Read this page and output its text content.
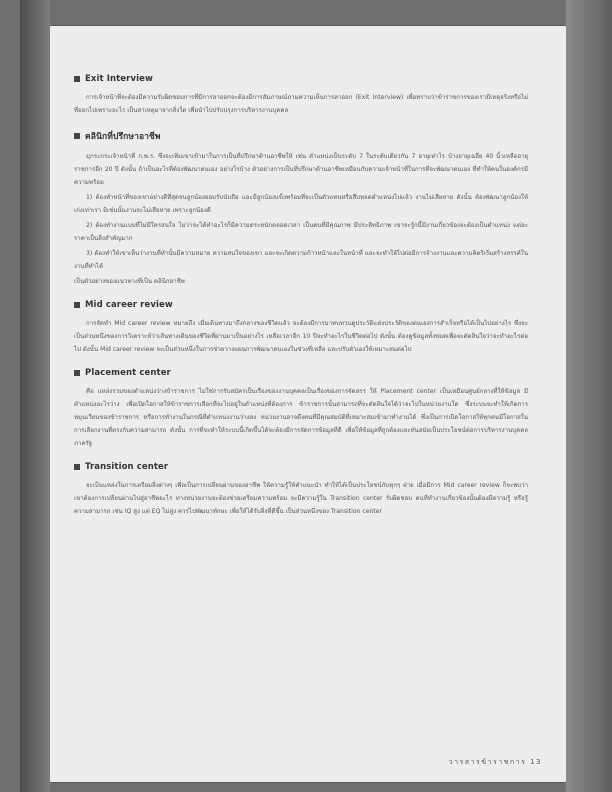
Exit Interview

การเจ้าหน้าที่จะต้องมีความรับผิดชอบการที่มีการลาออกจะต้องมีการสัมภาษณ์ถามความเห็นการลาออก (Exit Interview) เพื่อทราบว่าข้าราชการของเรามีเหตุจริงหรือไม่ ที่ออกไปเพราะอะไร เป็นสาเหตุมาจากสิ่งใด เพื่อนำไปปรับปรุงการบริหารงานบุคคล

คลินิกที่ปรึกษาอาชีพ

มุกระกระเจ้าหน้าที่ ก.พ.ร. ซึ่งจะเพิ่มเขาเข้ามาในการเป็นที่ปรึกษาด้านอาชีพให้ เช่น ตำแหน่งเป็นระดับ 7 ในระดับเดียวกัน 7 อายุเท่าไร บ้างอายุเฉลี่ย 40 นิ้วเหลืออายุราชการอีก 20 ปี ดังนั้น ถ้าเป็นอะไรที่ต้องพัฒนาตนเอง อย่างไรบ้าง ตัวอย่างการเป็นที่ปรึกษาด้านอาชีพเหมือนกับความเจ้าหน้าที่ในการที่จะพัฒนาตนเอง ที่ทำให้คนในองค์กรมีความพร้อม

1) ต้องทำหน้าที่ของเขาอย่างดีที่สุดจนลูกน้องยอมรับนับถือ และมีลูกน้องแข็งพร้อมที่จะเป็นตัวแทนหรือสืบทอดตำแหน่งไปแล้ว งานไม่เสียหาย ดังนั้น ต้องพัฒนาลูกน้องให้เก่งเท่าเรา มิเช่นนั้นงานจะไม่เสียหาย เพราะลูกน้องดี

2) ต้องทำงานแบบที่ไม่มีใครสนใจ ไม่ว่าจะได้ทำอะไรก็มีความตระหนักตลอดเวลา เป็นคนที่มีคุณภาพ มีประสิทธิภาพ เขาจะรู้กนี้มีงานเกี่ยวข้องจะต้องเป็นตำแหน่ง แต่ละราคาเป็นสิ่งสำคัญมาก

3) ต้องทำให้เขาเห็นว่างานที่ทำนั้นมีความหมาย ความสนใจของเขา และจะเกิดความก้าวหน้าและในหน้าที่ และจะทำให้ไปต่อมีการจ้างงานและความคิดริเริ่มสร้างสรรค์ในงานที่ทำได้

เป็นตัวอย่างของแนวทางที่เป็น คลินิกอาชีพ

Mid career review

การจัดทำ Mid career review หมายถึง เมื่อเดินทางมาถึงกลางของชีวิตแล้ว จะต้องมีการมาทบทวนดูประวัติแห่งประวัติของตนเองการสำเร็จหรือได้เป็นไปอย่างไร ซึ่งจะเป็นส่วนหนึ่งของการวิเคราะห์ว่าเส้นทางเดินของชีวิตที่ผ่านมาเป็นอย่างไร เหลือเวลาอีก 10 ปีจะทำอะไรในชีวิตต่อไป ดังนั้น ต้องดูข้อมูลทั้งหมดเพื่อจะตัดสินใจว่าจะทำอะไรต่อไป ดังนั้น Mid career review จะเป็นส่วนหนึ่งในการช่วยวางแผนการพัฒนาตนเองในช่วงที่เหลือ และปรับตัวเองให้เหมาะสมต่อไป

Placement center

คือ แหล่งรวมของตำแหน่งว่างข้าราชการ ไม่ใช่การรับสมัครเป็นเรื่องของงานบุคคลเป็นเรื่องของการจัดสรร ให้ Placement center เป็นเหมือนศูนย์กลางที่ให้ข้อมูล มีตำแหน่งอะไรว่าง เพื่อเปิดโอกาสให้ข้าราชการเลือกที่จะไปอยู่ในตำแหน่งที่ต้องการ ข้าราชการนั้นสามารถที่จะตัดสินใจได้ว่าจะไปในหน่วยงานใด ซึ่งระบบจะทำให้เกิดการหมุนเวียนของข้าราชการ หรือการทำงานในกรณีที่ตำแหน่งงานว่างลง หน่วยงานอาจดึงคนที่มีคุณสมบัติที่เหมาะสมเข้ามาทำงานได้ ซึ่งเป็นการเปิดโอกาสให้ทุกคนมีโอกาสในการเลือกงานที่ตรงกับความสามารถ ดังนั้น การที่จะทำให้ระบบนี้เกิดขึ้นได้จะต้องมีการจัดการข้อมูลที่ดี เพื่อให้ข้อมูลที่ถูกต้องและทันสมัยเป็นประโยชน์ต่อการบริหารงานบุคคลภาครัฐ

Transition center

จะเป็นแหล่งในการเตรียมสิ่งต่างๆ เพื่อเป็นการเปลี่ยนผ่านของอาชีพ ให้ความรู้ให้คำแนะนำ ทำให้ได้เป็นประโยชน์กับทุกๆ ฝ่าย เมื่อมีการ Mid career review ก็จะพบว่าเขาต้องการเปลี่ยนผ่านไปสู่อาชีพอะไร ทางหน่วยงานจะต้องช่วยเตรียมความพร้อม จะมีความรู้ใน Transition center รับผิดชอบ คนที่ทำงานเกี่ยวข้องนั้นต้องมีความรู้ หรือรู้ความสามารถ เช่น IQ สูง แต่ EQ ไม่สูง ควรไปพัฒนาทักษะ เพื่อให้ได้รับสิ่งที่ดีขึ้น เป็นส่วนหนึ่งของ Transition center

วารสารข้าราชการ 13
